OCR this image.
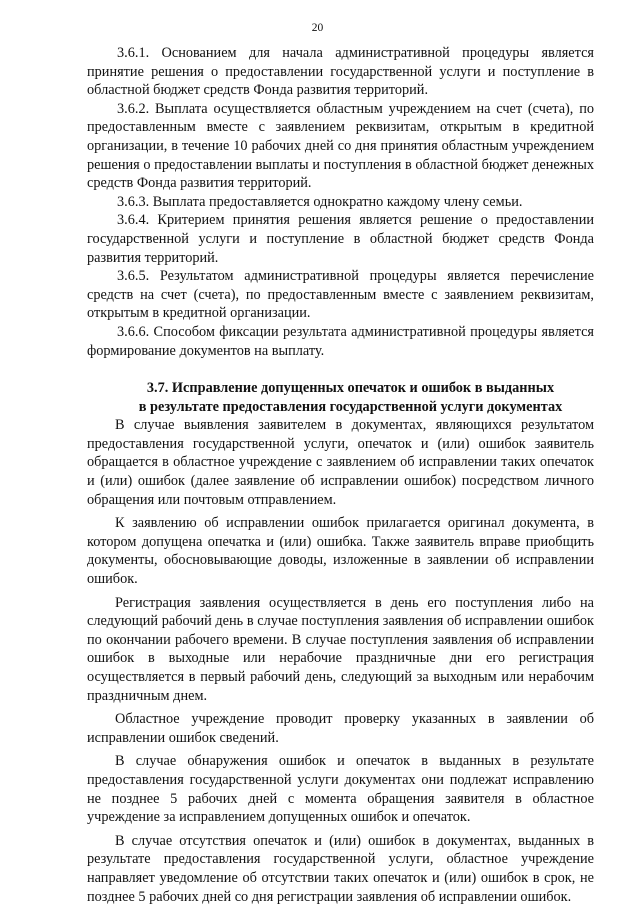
20

3.6.1. Основанием для начала административной процедуры является принятие решения о предоставлении государственной услуги и поступление в областной бюджет средств Фонда развития территорий.

3.6.2. Выплата осуществляется областным учреждением на счет (счета), по предоставленным вместе с заявлением реквизитам, открытым в кредитной организации, в течение 10 рабочих дней со дня принятия областным учреждением решения о предоставлении выплаты и поступления в областной бюджет денежных средств Фонда развития территорий.

3.6.3. Выплата предоставляется однократно каждому члену семьи.

3.6.4. Критерием принятия решения является решение о предоставлении государственной услуги и поступление в областной бюджет средств Фонда развития территорий.

3.6.5. Результатом административной процедуры является перечисление средств на счет (счета), по предоставленным вместе с заявлением реквизитам, открытым в кредитной организации.

3.6.6. Способом фиксации результата административной процедуры является формирование документов на выплату.

3.7. Исправление допущенных опечаток и ошибок в выданных
в результате предоставления государственной услуги документах

В случае выявления заявителем в документах, являющихся результатом предоставления государственной услуги, опечаток и (или) ошибок заявитель обращается в областное учреждение с заявлением об исправлении таких опечаток и (или) ошибок (далее заявление об исправлении ошибок) посредством личного обращения или почтовым отправлением.

К заявлению об исправлении ошибок прилагается оригинал документа, в котором допущена опечатка и (или) ошибка. Также заявитель вправе приобщить документы, обосновывающие доводы, изложенные в заявлении об исправлении ошибок.

Регистрация заявления осуществляется в день его поступления либо на следующий рабочий день в случае поступления заявления об исправлении ошибок по окончании рабочего времени. В случае поступления заявления об исправлении ошибок в выходные или нерабочие праздничные дни его регистрация осуществляется в первый рабочий день, следующий за выходным или нерабочим праздничным днем.

Областное учреждение проводит проверку указанных в заявлении об исправлении ошибок сведений.

В случае обнаружения ошибок и опечаток в выданных в результате предоставления государственной услуги документах они подлежат исправлению не позднее 5 рабочих дней с момента обращения заявителя в областное учреждение за исправлением допущенных ошибок и опечаток.

В случае отсутствия опечаток и (или) ошибок в документах, выданных в результате предоставления государственной услуги, областное учреждение направляет уведомление об отсутствии таких опечаток и (или) ошибок в срок, не позднее 5 рабочих дней со дня регистрации заявления об исправлении ошибок.
